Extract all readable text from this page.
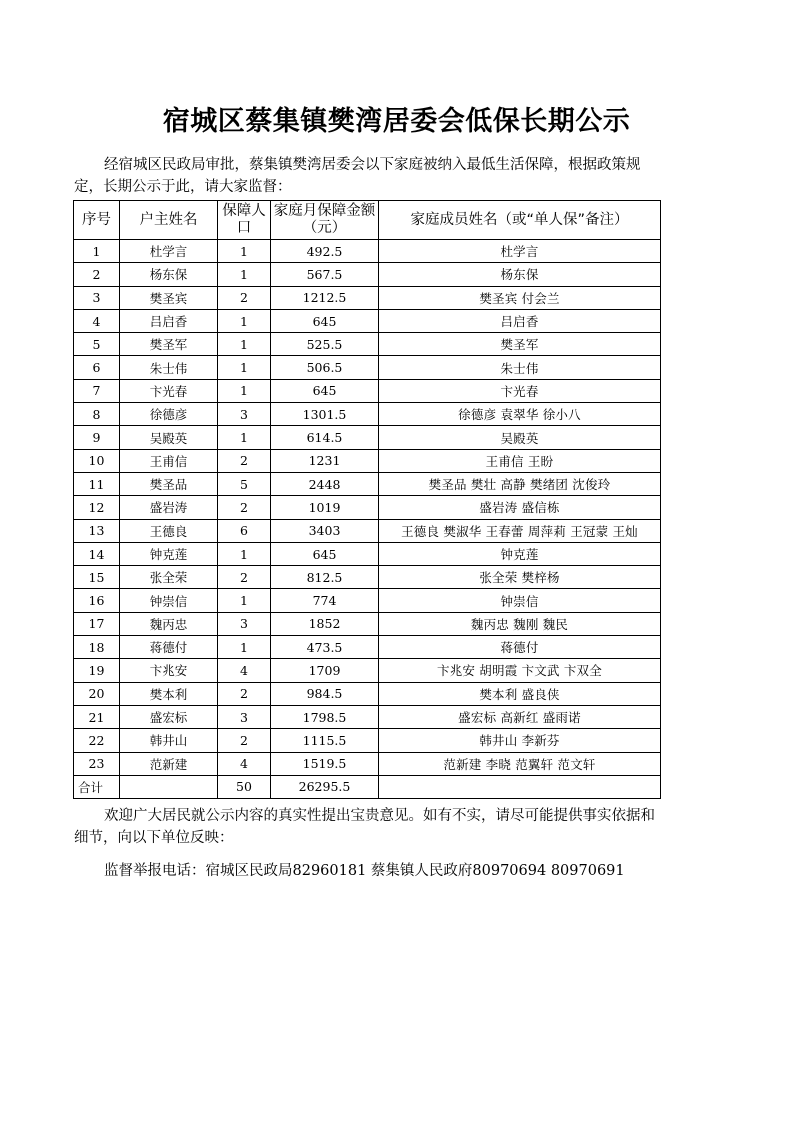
宿城区蔡集镇樊湾居委会低保长期公示
经宿城区民政局审批，蔡集镇樊湾居委会以下家庭被纳入最低生活保障，根据政策规定，长期公示于此，请大家监督：
序号	户主姓名	保障人口	家庭月保障金额（元）	家庭成员姓名（或“单人保”备注）
1	杜学言	1	492.5	杜学言
2	杨东保	1	567.5	杨东保
3	樊圣宾	2	1212.5	樊圣宾 付会兰
4	吕启香	1	645	吕启香
5	樊圣军	1	525.5	樊圣军
6	朱士伟	1	506.5	朱士伟
7	卞光春	1	645	卞光春
8	徐德彦	3	1301.5	徐德彦 袁翠华 徐小八
9	吴殿英	1	614.5	吴殿英
10	王甫信	2	1231	王甫信 王盼
11	樊圣品	5	2448	樊圣品 樊壮 高静 樊绪团 沈俊玲
12	盛岩涛	2	1019	盛岩涛 盛信栋
13	王德良	6	3403	王德良 樊淑华 王春蕾 周萍莉 王冠蒙 王灿
14	钟克莲	1	645	钟克莲
15	张全荣	2	812.5	张全荣 樊梓杨
16	钟崇信	1	774	钟崇信
17	魏丙忠	3	1852	魏丙忠 魏刚 魏民
18	蒋德付	1	473.5	蒋德付
19	卞兆安	4	1709	卞兆安 胡明霞 卞文武 卞双全
20	樊本利	2	984.5	樊本利 盛良侠
21	盛宏标	3	1798.5	盛宏标 高新红 盛雨诺
22	韩井山	2	1115.5	韩井山 李新芬
23	范新建	4	1519.5	范新建 李晓 范翼轩 范文轩
合计		50	26295.5	
欢迎广大居民就公示内容的真实性提出宝贵意见。如有不实，请尽可能提供事实依据和细节，向以下单位反映：
监督举报电话：宿城区民政局82960181 蔡集镇人民政府80970694 80970691
